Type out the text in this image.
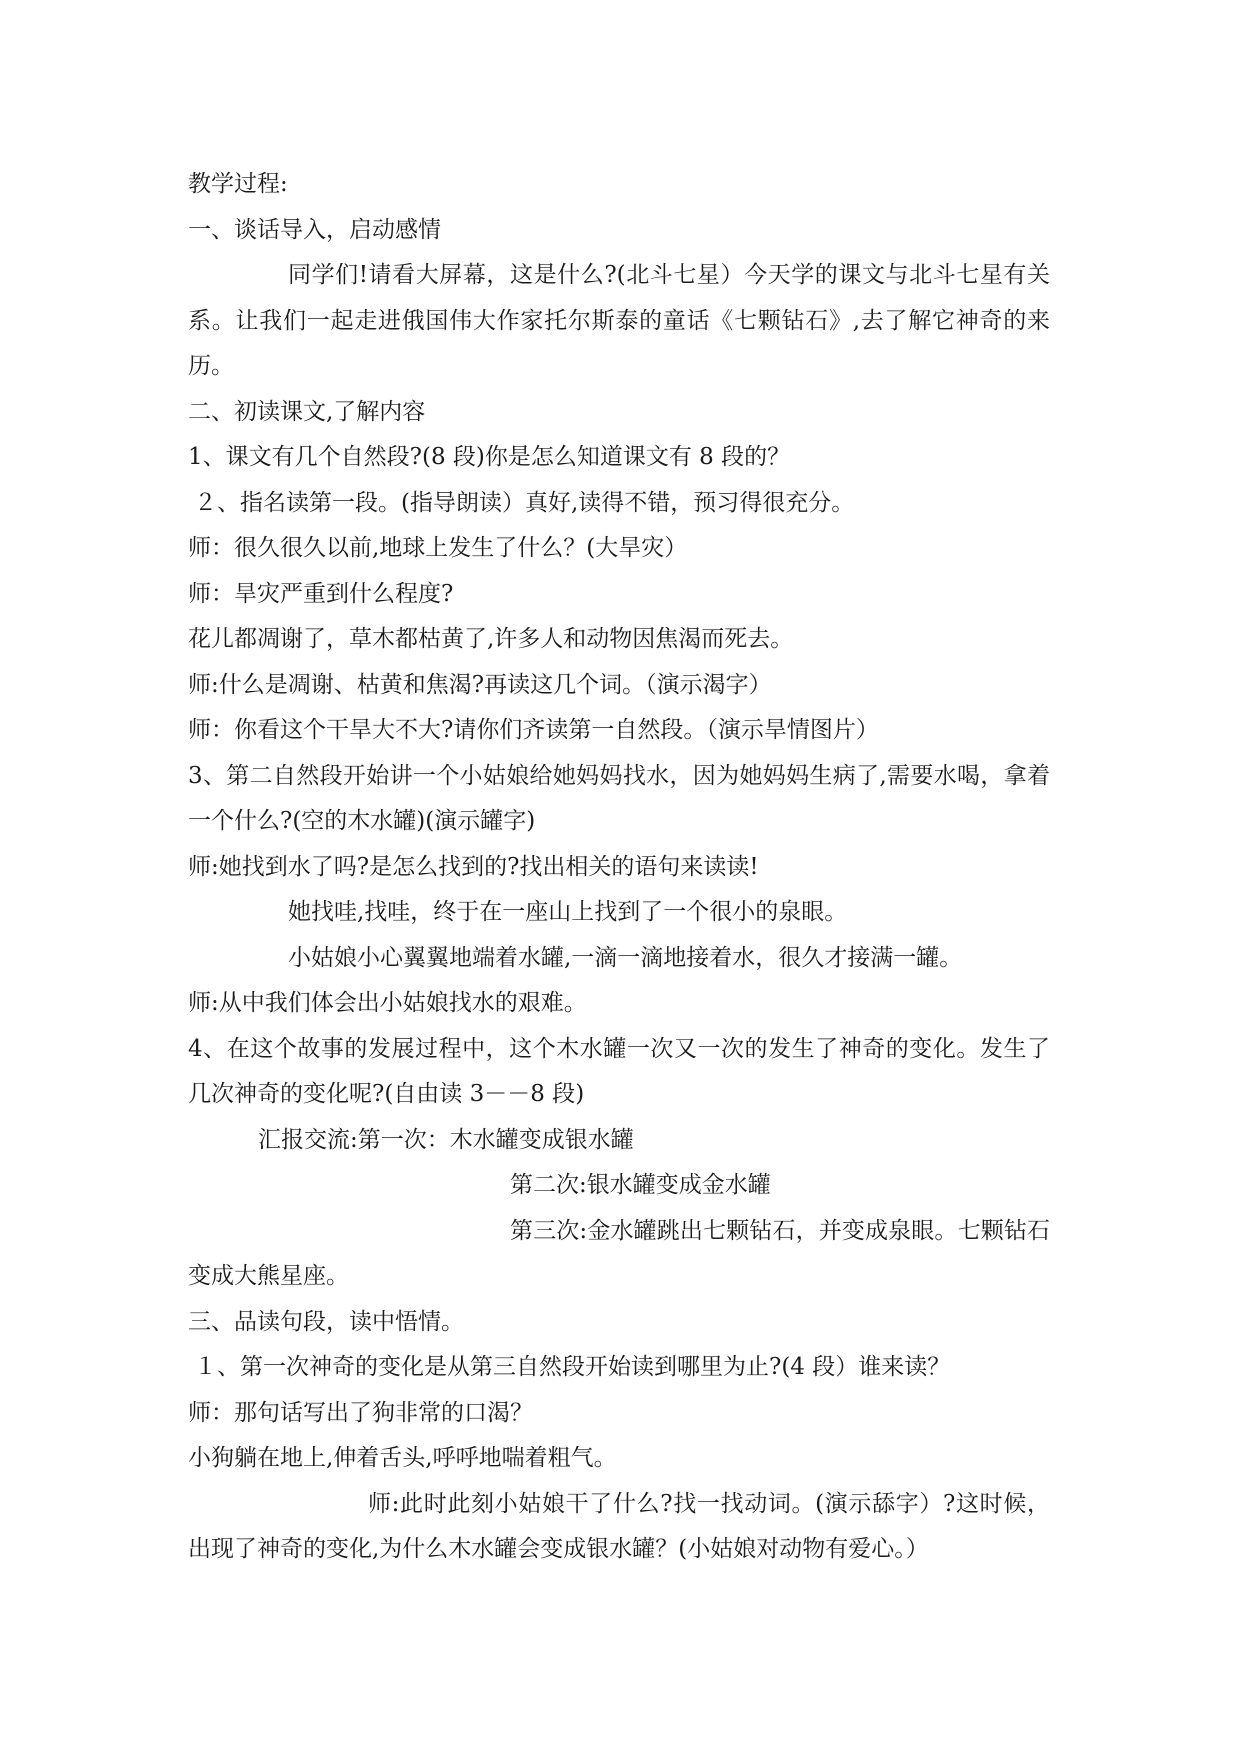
教学过程:

一、谈话导入，启动感情

同学们!请看大屏幕，这是什么?(北斗七星）今天学的课文与北斗七星有关系。让我们一起走进俄国伟大作家托尔斯泰的童话《七颗钻石》,去了解它神奇的来历。

二、初读课文,了解内容

1、课文有几个自然段?(8 段)你是怎么知道课文有 8 段的？

２、指名读第一段。(指导朗读）真好,读得不错，预习得很充分。

师：很久很久以前,地球上发生了什么？(大旱灾）

师：旱灾严重到什么程度?

花儿都凋谢了，草木都枯黄了,许多人和动物因焦渴而死去。

师:什么是凋谢、枯黄和焦渴?再读这几个词。（演示渴字）

师：你看这个干旱大不大?请你们齐读第一自然段。（演示旱情图片）

3、第二自然段开始讲一个小姑娘给她妈妈找水，因为她妈妈生病了,需要水喝，拿着一个什么?(空的木水罐)(演示罐字)

师:她找到水了吗?是怎么找到的?找出相关的语句来读读!

她找哇,找哇，终于在一座山上找到了一个很小的泉眼。

小姑娘小心翼翼地端着水罐,一滴一滴地接着水，很久才接满一罐。

师:从中我们体会出小姑娘找水的艰难。

4、在这个故事的发展过程中，这个木水罐一次又一次的发生了神奇的变化。发生了几次神奇的变化呢?(自由读 3－－8 段)

汇报交流:第一次：木水罐变成银水罐

第二次:银水罐变成金水罐

第三次:金水罐跳出七颗钻石，并变成泉眼。七颗钻石变成大熊星座。

三、品读句段，读中悟情。

１、第一次神奇的变化是从第三自然段开始读到哪里为止?(4 段）谁来读？

师：那句话写出了狗非常的口渴？

小狗躺在地上,伸着舌头,呼呼地喘着粗气。

师:此时此刻小姑娘干了什么?找一找动词。(演示舔字）?这时候，出现了神奇的变化,为什么木水罐会变成银水罐？(小姑娘对动物有爱心。）
